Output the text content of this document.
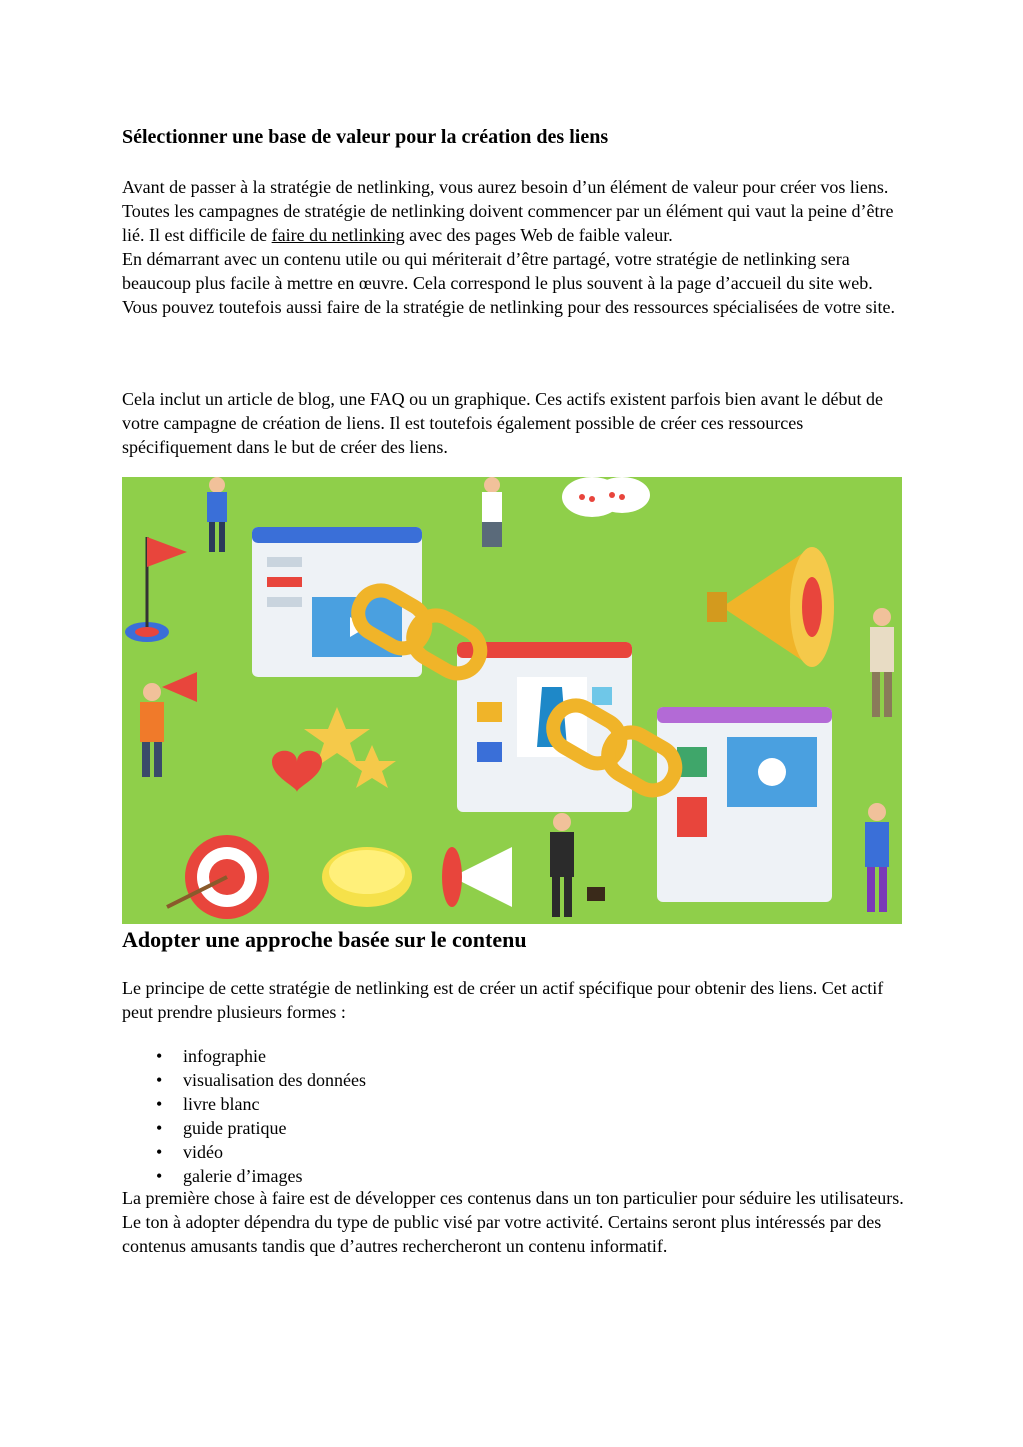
Sélectionner une base de valeur pour la création des liens

Avant de passer à la stratégie de netlinking, vous aurez besoin d’un élément de valeur pour créer vos liens. Toutes les campagnes de stratégie de netlinking doivent commencer par un élément qui vaut la peine d’être lié. Il est difficile de faire du netlinking avec des pages Web de faible valeur.
En démarrant avec un contenu utile ou qui mériterait d’être partagé, votre stratégie de netlinking sera beaucoup plus facile à mettre en œuvre. Cela correspond le plus souvent à la page d’accueil du site web. Vous pouvez toutefois aussi faire de la stratégie de netlinking pour des ressources spécialisées de votre site.

Cela inclut un article de blog, une FAQ ou un graphique. Ces actifs existent parfois bien avant le début de votre campagne de création de liens. Il est toutefois également possible de créer ces ressources spécifiquement dans le but de créer des liens.

Adopter une approche basée sur le contenu

Le principe de cette stratégie de netlinking est de créer un actif spécifique pour obtenir des liens. Cet actif peut prendre plusieurs formes :

• infographie
• visualisation des données
• livre blanc
• guide pratique
• vidéo
• galerie d’images

La première chose à faire est de développer ces contenus dans un ton particulier pour séduire les utilisateurs. Le ton à adopter dépendra du type de public visé par votre activité. Certains seront plus intéressés par des contenus amusants tandis que d’autres rechercheront un contenu informatif.
